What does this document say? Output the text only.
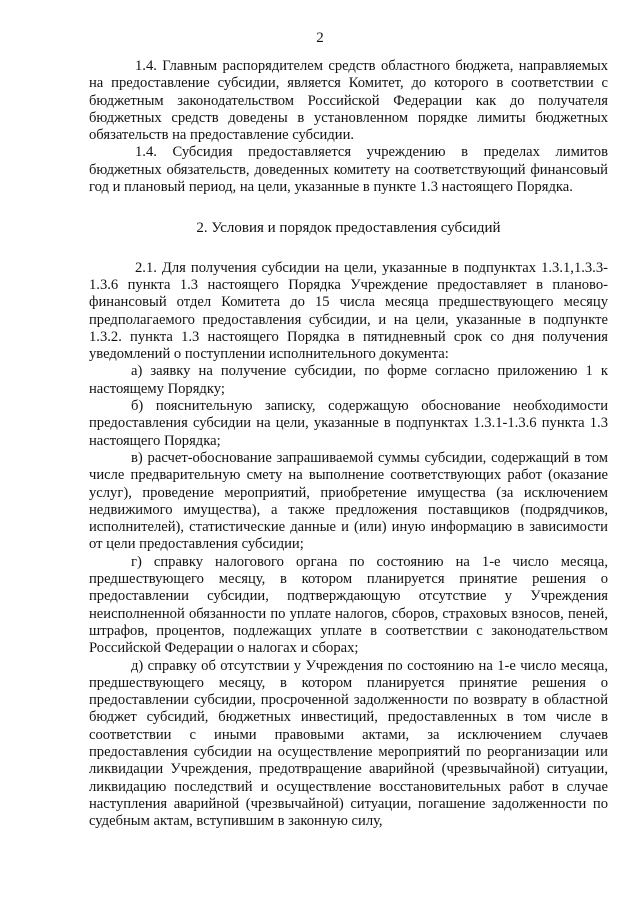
2

1.4. Главным распорядителем средств областного бюджета, направляемых на предоставление субсидии, является Комитет, до которого в соответствии с бюджетным законодательством Российской Федерации как до получателя бюджетных средств доведены в установленном порядке лимиты бюджетных обязательств на предоставление субсидии.

1.4. Субсидия предоставляется учреждению в пределах лимитов бюджетных обязательств, доведенных комитету на соответствующий финансовый год и плановый период, на цели, указанные в пункте 1.3 настоящего Порядка.

2. Условия и порядок предоставления субсидий

2.1. Для получения субсидии на цели, указанные в подпунктах 1.3.1,1.3.3-1.3.6 пункта 1.3 настоящего Порядка Учреждение предоставляет в планово-финансовый отдел Комитета до 15 числа месяца предшествующего месяцу предполагаемого предоставления субсидии, и на цели, указанные в подпункте 1.3.2. пункта 1.3 настоящего Порядка в пятидневный срок со дня получения уведомлений о поступлении исполнительного документа:

а) заявку на получение субсидии, по форме согласно приложению 1 к настоящему Порядку;

б) пояснительную записку, содержащую обоснование необходимости предоставления субсидии на цели, указанные в подпунктах 1.3.1-1.3.6 пункта 1.3 настоящего Порядка;

в) расчет-обоснование запрашиваемой суммы субсидии, содержащий в том числе предварительную смету на выполнение соответствующих работ (оказание услуг), проведение мероприятий, приобретение имущества (за исключением недвижимого имущества), а также предложения поставщиков (подрядчиков, исполнителей), статистические данные и (или) иную информацию в зависимости от цели предоставления субсидии;

г) справку налогового органа по состоянию на 1-е число месяца, предшествующего месяцу, в котором планируется принятие решения о предоставлении субсидии, подтверждающую отсутствие у Учреждения неисполненной обязанности по уплате налогов, сборов, страховых взносов, пеней, штрафов, процентов, подлежащих уплате в соответствии с законодательством Российской Федерации о налогах и сборах;

д) справку об отсутствии у Учреждения по состоянию на 1-е число месяца, предшествующего месяцу, в котором планируется принятие решения о предоставлении субсидии, просроченной задолженности по возврату в областной бюджет субсидий, бюджетных инвестиций, предоставленных в том числе в соответствии с иными правовыми актами, за исключением случаев предоставления субсидии на осуществление мероприятий по реорганизации или ликвидации Учреждения, предотвращение аварийной (чрезвычайной) ситуации, ликвидацию последствий и осуществление восстановительных работ в случае наступления аварийной (чрезвычайной) ситуации, погашение задолженности по судебным актам, вступившим в законную силу,
